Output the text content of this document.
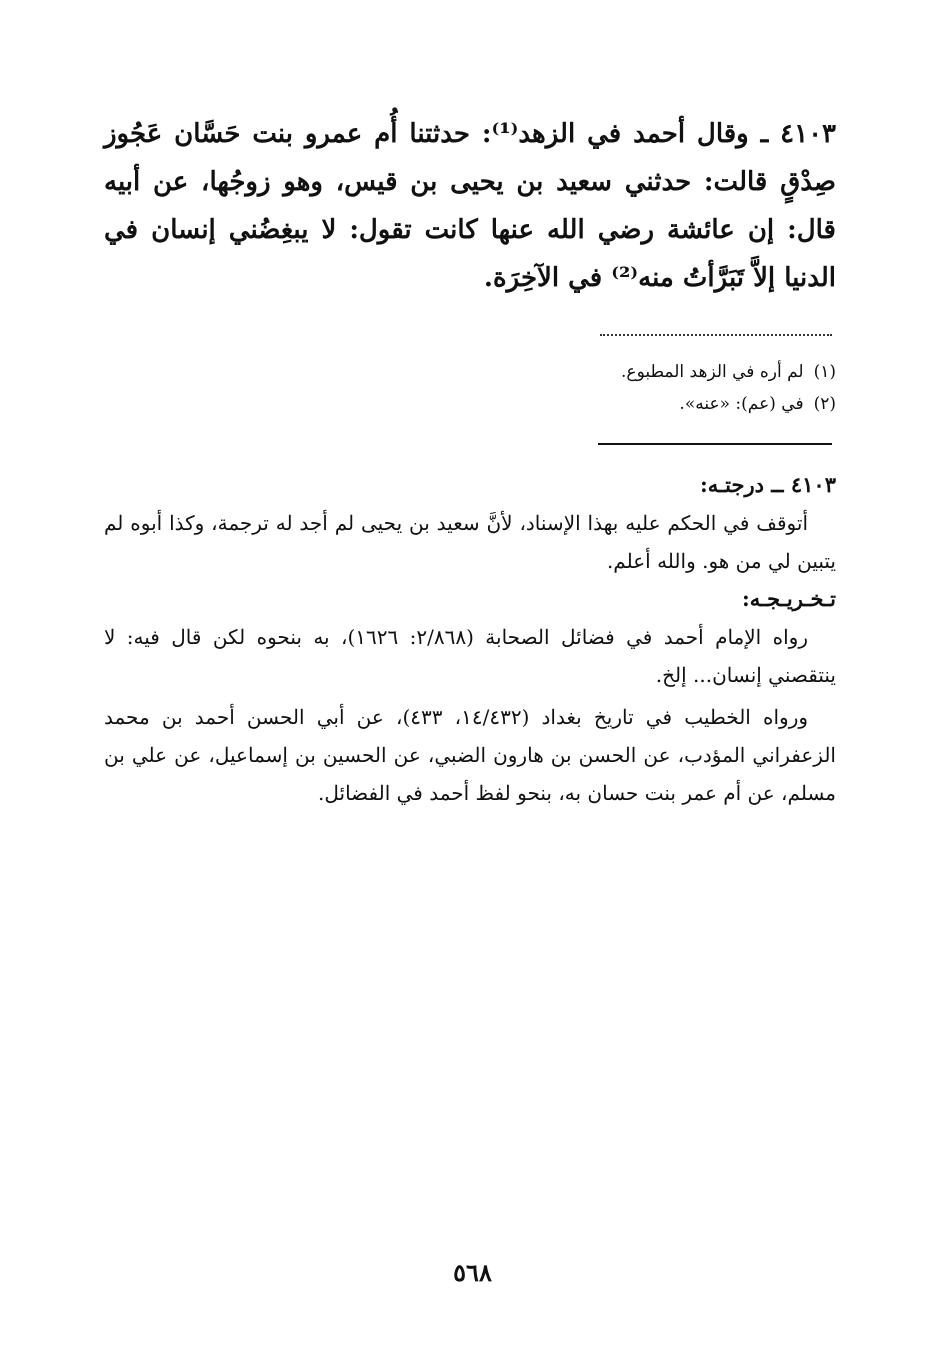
٤١٠٣ ـ وقال أحمد في الزهد⁽¹⁾: حدثتنا أُم عمرو بنت حَسَّان عَجُوز صِدْقٍ قالت: حدثني سعيد بن يحيى بن قيس، وهو زوجُها، عن أبيه قال: إن عائشة رضي الله عنها كانت تقول: لا يبغِضُني إنسان في الدنيا إلاَّ تَبَرَّأتُ منه⁽²⁾ في الآخِرَة.
(١)لم أره في الزهد المطبوع.
(٢)في (عم): «عنه».
٤١٠٣ ــ درجتـه:
أتوقف في الحكم عليه بهذا الإسناد، لأنَّ سعيد بن يحيى لم أجد له ترجمة، وكذا أبوه لم يتبين لي من هو. والله أعلم.
تـخـريـجـه:
رواه الإمام أحمد في فضائل الصحابة (٢/٨٦٨: ١٦٢٦)، به بنحوه لكن قال فيه: لا ينتقصني إنسان... إلخ.
ورواه الخطيب في تاريخ بغداد (١٤/٤٣٢، ٤٣٣)، عن أبي الحسن أحمد بن محمد الزعفراني المؤدب، عن الحسن بن هارون الضبي، عن الحسين بن إسماعيل، عن علي بن مسلم، عن أم عمر بنت حسان به، بنحو لفظ أحمد في الفضائل.
٥٦٨
